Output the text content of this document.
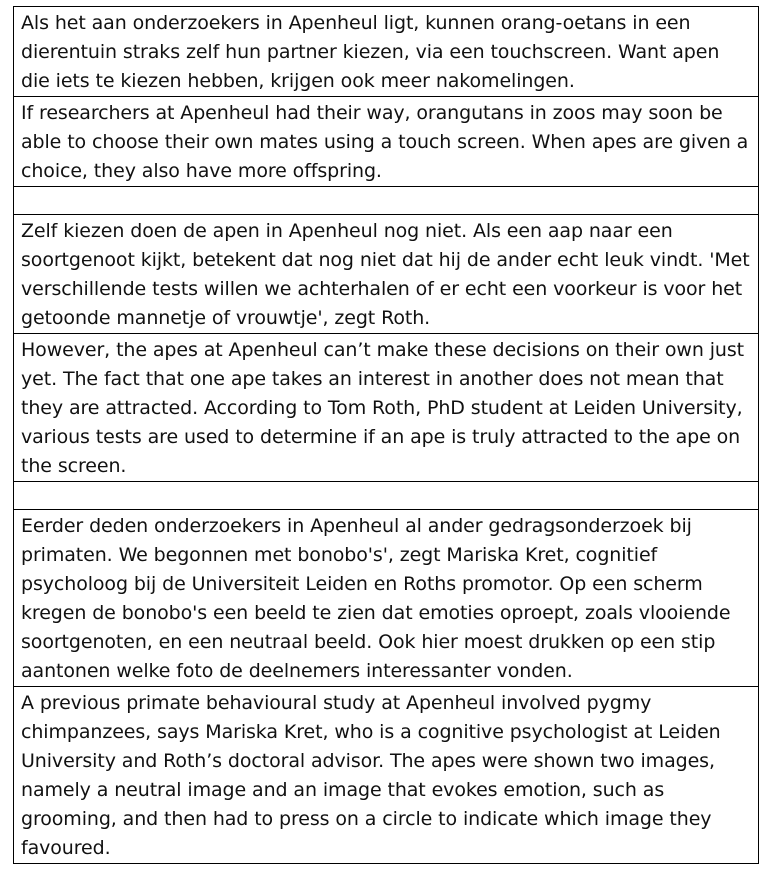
Als het aan onderzoekers in Apenheul ligt, kunnen orang-oetans in een dierentuin straks zelf hun partner kiezen, via een touchscreen. Want apen die iets te kiezen hebben, krijgen ook meer nakomelingen.
If researchers at Apenheul had their way, orangutans in zoos may soon be able to choose their own mates using a touch screen. When apes are given a choice, they also have more offspring.
Zelf kiezen doen de apen in Apenheul nog niet. Als een aap naar een soortgenoot kijkt, betekent dat nog niet dat hij de ander echt leuk vindt. 'Met verschillende tests willen we achterhalen of er echt een voorkeur is voor het getoonde mannetje of vrouwtje', zegt Roth.
However, the apes at Apenheul can’t make these decisions on their own just yet. The fact that one ape takes an interest in another does not mean that they are attracted. According to Tom Roth, PhD student at Leiden University, various tests are used to determine if an ape is truly attracted to the ape on the screen.
Eerder deden onderzoekers in Apenheul al ander gedragsonderzoek bij primaten. We begonnen met bonobo's', zegt Mariska Kret, cognitief psycholoog bij de Universiteit Leiden en Roths promotor. Op een scherm kregen de bonobo's een beeld te zien dat emoties oproept, zoals vlooiende soortgenoten, en een neutraal beeld. Ook hier moest drukken op een stip aantonen welke foto de deelnemers interessanter vonden.
A previous primate behavioural study at Apenheul involved pygmy chimpanzees, says Mariska Kret, who is a cognitive psychologist at Leiden University and Roth’s doctoral advisor. The apes were shown two images, namely a neutral image and an image that evokes emotion, such as grooming, and then had to press on a circle to indicate which image they favoured.
